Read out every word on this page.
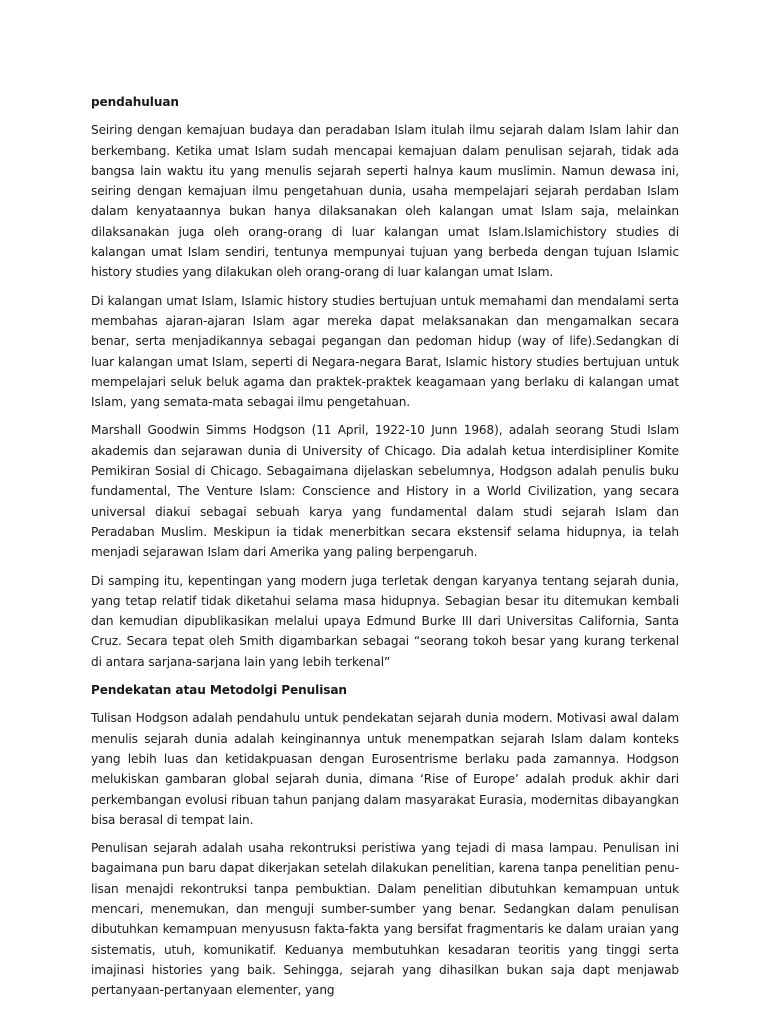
pendahuluan

Seiring dengan kemajuan budaya dan peradaban Islam itulah ilmu sejarah dalam Islam lahir dan berkembang. Ketika umat Islam sudah mencapai kemajuan dalam penulisan sejarah, tidak ada bangsa lain waktu itu yang menulis sejarah seperti halnya kaum muslimin. Namun dewasa ini, seiring dengan kemajuan ilmu pengetahuan dunia, usaha mempelajari sejarah perdaban Islam dalam kenyataannya bukan hanya dilaksanakan oleh kalangan umat Islam saja, melainkan dilaksanakan juga oleh orang-orang di luar kalangan umat Islam.Islamichistory studies di kalangan umat Islam sendiri, tentunya mempunyai tujuan yang berbeda dengan tujuan Islamic history studies yang dilakukan oleh orang-orang di luar kalangan umat Islam.

Di kalangan umat Islam, Islamic history studies bertujuan untuk memahami dan mendalami serta membahas ajaran-ajaran Islam agar mereka dapat melaksanakan dan mengamalkan secara benar, serta menjadikannya sebagai pegangan dan pedoman hidup (way of life).Sedangkan di luar kalangan umat Islam, seperti di Negara-negara Barat, Islamic history studies bertujuan untuk mempelajari seluk beluk agama dan praktek-praktek keagamaan yang berlaku di kalangan umat Islam, yang semata-mata sebagai ilmu pengetahuan.

Marshall Goodwin Simms Hodgson (11 April, 1922-10 Junn 1968), adalah seorang Studi Islam akademis dan sejarawan dunia di University of Chicago. Dia adalah ketua interdisipliner Komite Pemikiran Sosial di Chicago. Sebagaimana dijelaskan sebelumnya, Hodgson adalah penulis buku fundamental, The Venture Islam: Conscience and History in a World Civilization, yang secara universal diakui sebagai sebuah karya yang fundamental dalam studi sejarah Islam dan Peradaban Muslim. Meskipun ia tidak menerbitkan secara ekstensif selama hidupnya, ia telah menjadi sejarawan Islam dari Amerika yang paling berpengaruh.

Di samping itu, kepentingan yang modern juga terletak dengan karyanya tentang sejarah dunia, yang tetap relatif tidak diketahui selama masa hidupnya. Sebagian besar itu ditemukan kembali dan kemudian dipublikasikan melalui upaya Edmund Burke III dari Universitas California, Santa Cruz. Secara tepat oleh Smith digambarkan sebagai “seorang tokoh besar yang kurang terkenal di antara sarjana-sarjana lain yang lebih terkenal”

Pendekatan atau Metodolgi Penulisan

Tulisan Hodgson adalah pendahulu untuk pendekatan sejarah dunia modern. Motivasi awal dalam menulis sejarah dunia adalah keinginannya untuk menempatkan sejarah Islam dalam konteks yang lebih luas dan ketidakpuasan dengan Eurosentrisme berlaku pada zamannya. Hodgson melukiskan gambaran global sejarah dunia, dimana ‘Rise of Europe’ adalah produk akhir dari perkembangan evolusi ribuan tahun panjang dalam masyarakat Eurasia, modernitas dibayangkan bisa berasal di tempat lain.

Penulisan sejarah adalah usaha rekontruksi peristiwa yang tejadi di masa lampau. Penulisan ini bagaimana pun baru dapat dikerjakan setelah dilakukan penelitian, karena tanpa penelitian penu- lisan menajdi rekontruksi tanpa pembuktian. Dalam penelitian dibutuhkan kemampuan untuk mencari, menemukan, dan menguji sumber-sumber yang benar. Sedangkan dalam penulisan dibutuhkan kemampuan menyususn fakta-fakta yang bersifat fragmentaris ke dalam uraian yang sistematis, utuh, komunikatif. Keduanya membutuhkan kesadaran teoritis yang tinggi serta imajinasi histories yang baik. Sehingga, sejarah yang dihasilkan bukan saja dapt menjawab pertanyaan-pertanyaan elementer, yang
